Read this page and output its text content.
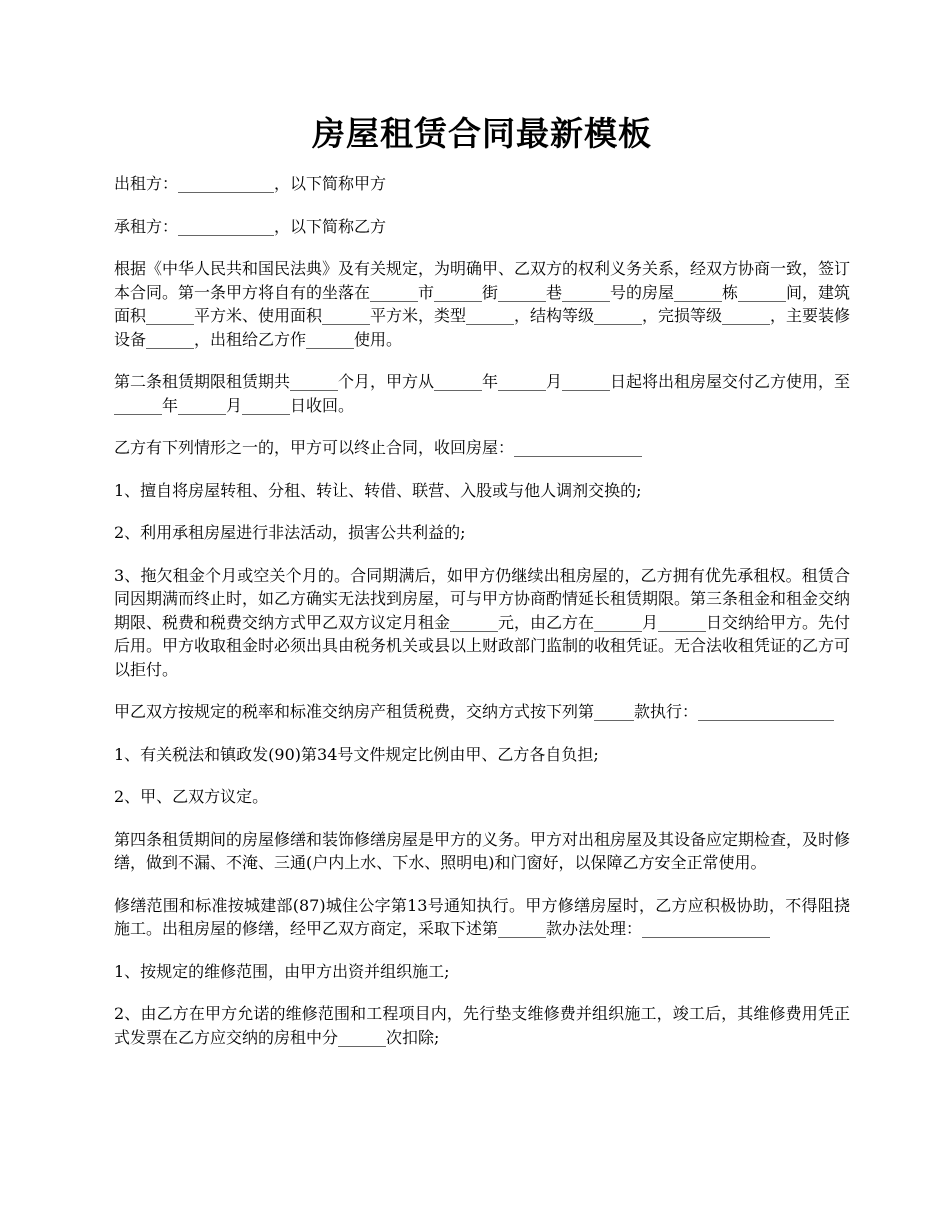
房屋租赁合同最新模板

出租方：____________，以下简称甲方

承租方：____________，以下简称乙方

根据《中华人民共和国民法典》及有关规定，为明确甲、乙双方的权利义务关系，经双方协商一致，签订本合同。第一条甲方将自有的坐落在______市______街______巷______号的房屋______栋______间，建筑面积______平方米、使用面积______平方米，类型______，结构等级______，完损等级______，主要装修设备______，出租给乙方作______使用。

第二条租赁期限租赁期共______个月，甲方从______年______月______日起将出租房屋交付乙方使用，至______年______月______日收回。

乙方有下列情形之一的，甲方可以终止合同，收回房屋：________________

1、擅自将房屋转租、分租、转让、转借、联营、入股或与他人调剂交换的;

2、利用承租房屋进行非法活动，损害公共利益的;

3、拖欠租金个月或空关个月的。合同期满后，如甲方仍继续出租房屋的，乙方拥有优先承租权。租赁合同因期满而终止时，如乙方确实无法找到房屋，可与甲方协商酌情延长租赁期限。第三条租金和租金交纳期限、税费和税费交纳方式甲乙双方议定月租金______元，由乙方在______月______日交纳给甲方。先付后用。甲方收取租金时必须出具由税务机关或县以上财政部门监制的收租凭证。无合法收租凭证的乙方可以拒付。

甲乙双方按规定的税率和标准交纳房产租赁税费，交纳方式按下列第_____款执行：_________________

1、有关税法和镇政发(90)第34号文件规定比例由甲、乙方各自负担;

2、甲、乙双方议定。

第四条租赁期间的房屋修缮和装饰修缮房屋是甲方的义务。甲方对出租房屋及其设备应定期检查，及时修缮，做到不漏、不淹、三通(户内上水、下水、照明电)和门窗好，以保障乙方安全正常使用。

修缮范围和标准按城建部(87)城住公字第13号通知执行。甲方修缮房屋时，乙方应积极协助，不得阻挠施工。出租房屋的修缮，经甲乙双方商定，采取下述第______款办法处理：________________

1、按规定的维修范围，由甲方出资并组织施工;

2、由乙方在甲方允诺的维修范围和工程项目内，先行垫支维修费并组织施工，竣工后，其维修费用凭正式发票在乙方应交纳的房租中分______次扣除;
